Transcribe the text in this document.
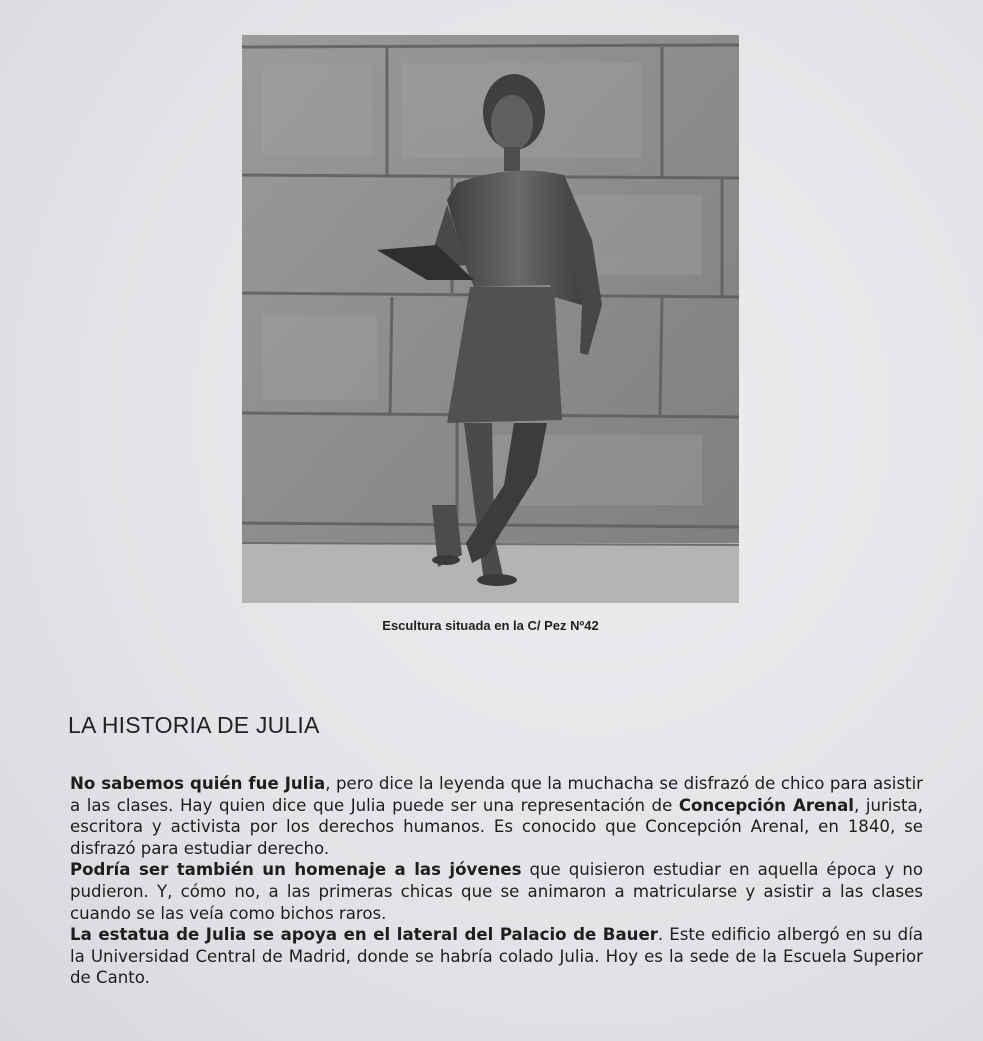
Escultura situada en la C/ Pez Nº42
LA HISTORIA DE JULIA

No sabemos quién fue Julia, pero dice la leyenda que la muchacha se disfrazó de chico para asistir a las clases. Hay quien dice que Julia puede ser una representación de Concepción Arenal, jurista, escritora y activista por los derechos humanos. Es conocido que Concepción Arenal, en 1840, se disfrazó para estudiar derecho.

Podría ser también un homenaje a las jóvenes que quisieron estudiar en aquella época y no pudieron. Y, cómo no, a las primeras chicas que se animaron a matricularse y asistir a las clases cuando se las veía como bichos raros.

La estatua de Julia se apoya en el lateral del Palacio de Bauer. Este edificio albergó en su día la Universidad Central de Madrid, donde se habría colado Julia. Hoy es la sede de la Escuela Superior de Canto.
